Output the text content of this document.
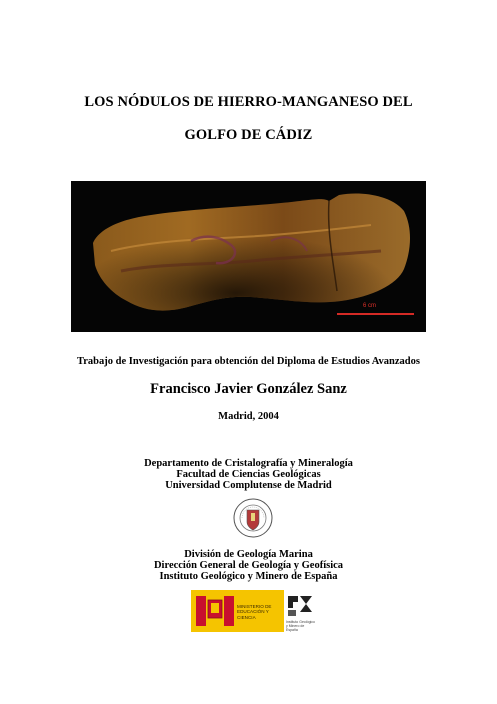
LOS NÓDULOS DE HIERRO-MANGANESO DEL
GOLFO DE CÁDIZ
6 cm
Trabajo de Investigación para obtención del Diploma de Estudios Avanzados
Francisco Javier González Sanz
Madrid, 2004
Departamento de Cristalografía y Mineralogía
Facultad de Ciencias Geológicas
Universidad Complutense de Madrid
División de Geología Marina
Dirección General de Geología y Geofísica
Instituto Geológico y Minero de España
MINISTERIO DE EDUCACIÓN Y CIENCIA
Instituto Geológico y Minero de España
